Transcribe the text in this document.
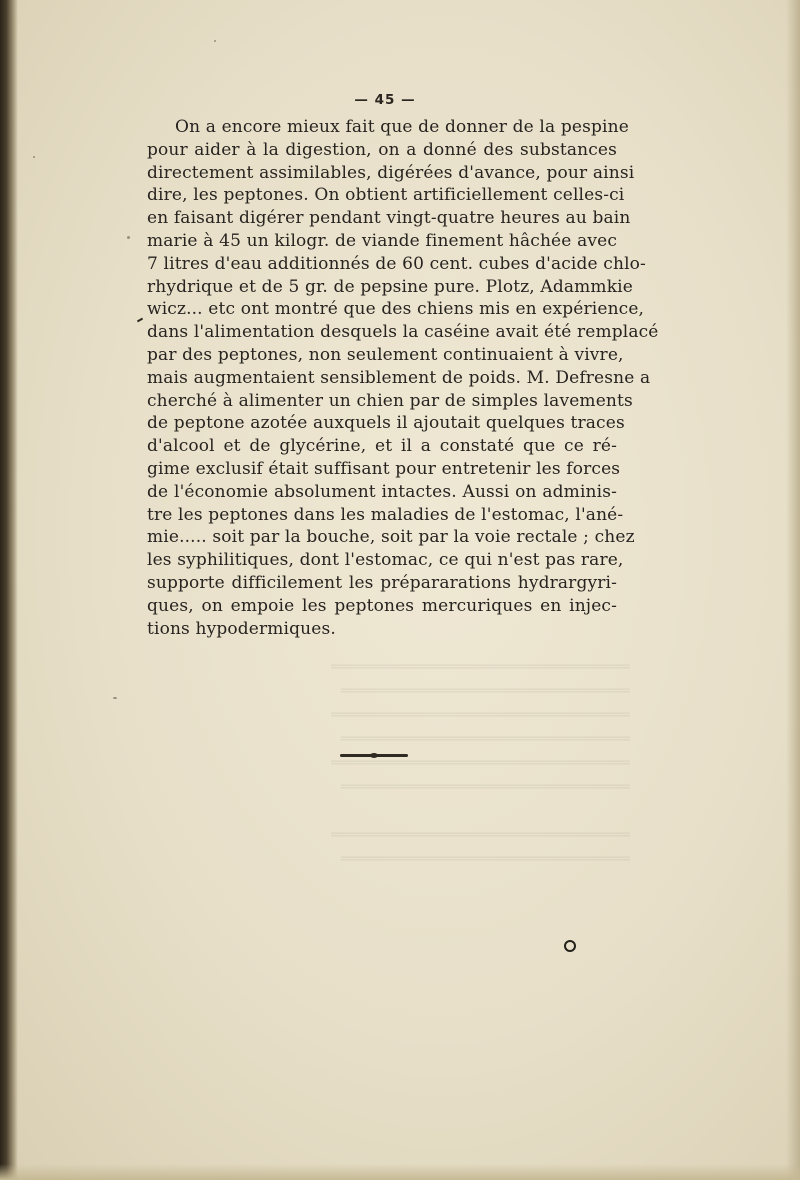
═══════════════════════════════
══════════════════════════════
═══════════════════════════════
══════════════════════════════
═══════════════════════════════
══════════════════════════════

═══════════════════════════════
══════════════════════════════
— 45 —
On a encore mieux fait que de donner de la pespine
pour aider à la digestion, on a donné des substances
directement assimilables, digérées d'avance, pour ainsi
dire, les peptones. On obtient artificiellement celles-ci
en faisant digérer pendant vingt-quatre heures au bain
marie à 45 un kilogr. de viande finement hâchée avec
7 litres d'eau additionnés de 60 cent. cubes d'acide chlo-
rhydrique et de 5 gr. de pepsine pure. Plotz, Adammkie
wicz... etc ont montré que des chiens mis en expérience,
dans l'alimentation desquels la caséine avait été remplacé
par des peptones, non seulement continuaient à vivre,
mais augmentaient sensiblement de poids. M. Defresne a
cherché à alimenter un chien par de simples lavements
de peptone azotée auxquels il ajoutait quelques traces
d'alcool et de glycérine, et il a constaté que ce ré-
gime exclusif était suffisant pour entretenir les forces
de l'économie absolument intactes. Aussi on adminis-
tre les peptones dans les maladies de l'estomac, l'ané-
mie..... soit par la bouche, soit par la voie rectale ; chez
les syphilitiques, dont l'estomac, ce qui n'est pas rare,
supporte difficilement les prépararations hydrargyri-
ques, on empoie les peptones mercuriques en injec-
tions hypodermiques.
